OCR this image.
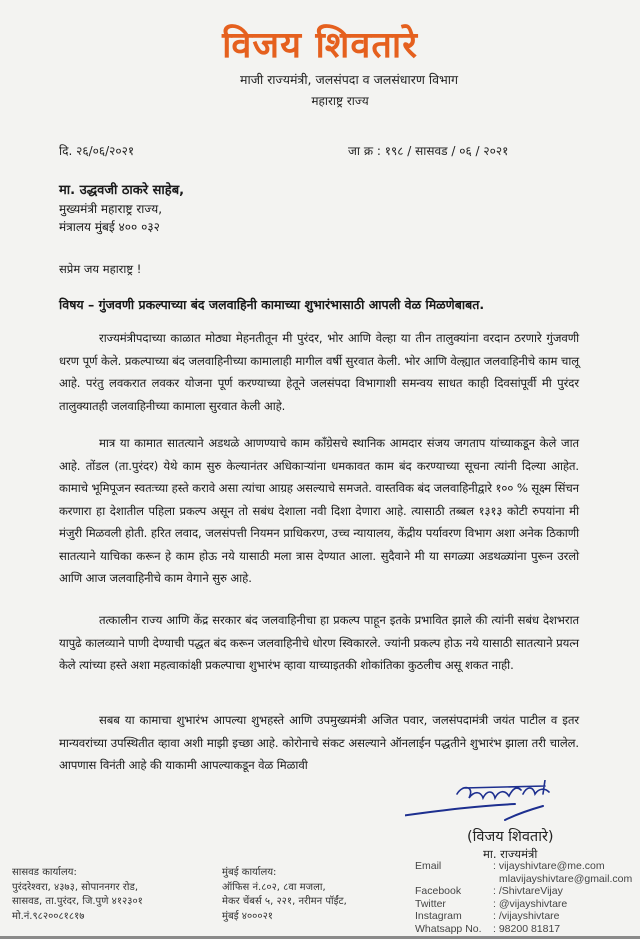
विजय शिवतारे
माजी राज्यमंत्री, जलसंपदा व जलसंधारण विभाग
महाराष्ट्र राज्य
दि. २६/०६/२०२१	जा क्र : १९८ / सासवड / ०६ / २०२१
मा. उद्धवजी ठाकरे साहेब,
मुख्यमंत्री महाराष्ट्र राज्य,
मंत्रालय मुंबई ४०० ०३२
सप्रेम जय महाराष्ट्र !
विषय – गुंजवणी प्रकल्पाच्या बंद जलवाहिनी कामाच्या शुभारंभासाठी आपली वेळ मिळणेबाबत.

राज्यमंत्रीपदाच्या काळात मोठ्या मेहनतीतून मी पुरंदर, भोर आणि वेल्हा या तीन तालुक्यांना वरदान ठरणारे गुंजवणी धरण पूर्ण केले. प्रकल्पाच्या बंद जलवाहिनीच्या कामालाही मागील वर्षी सुरवात केली. भोर आणि वेल्ह्यात जलवाहिनीचे काम चालू आहे. परंतु लवकरात लवकर योजना पूर्ण करण्याच्या हेतूने जलसंपदा विभागाशी समन्वय साधत काही दिवसांपूर्वी मी पुरंदर तालुक्यातही जलवाहिनीच्या कामाला सुरवात केली आहे.

मात्र या कामात सातत्याने अडथळे आणण्याचे काम कॉंग्रेसचे स्थानिक आमदार संजय जगताप यांच्याकडून केले जात आहे. तोंडल (ता.पुरंदर) येथे काम सुरु केल्यानंतर अधिकाऱ्यांना धमकावत काम बंद करण्याच्या सूचना त्यांनी दिल्या आहेत. कामाचे भूमिपूजन स्वतःच्या हस्ते करावे असा त्यांचा आग्रह असल्याचे समजते. वास्तविक बंद जलवाहिनीद्वारे १०० % सूक्ष्म सिंचन करणारा हा देशातील पहिला प्रकल्प असून तो सबंध देशाला नवी दिशा देणारा आहे. त्यासाठी तब्बल १३१३ कोटी रुपयांना मी मंजुरी मिळवली होती. हरित लवाद, जलसंपत्ती नियमन प्राधिकरण, उच्च न्यायालय, केंद्रीय पर्यावरण विभाग अशा अनेक ठिकाणी सातत्याने याचिका करून हे काम होऊ नये यासाठी मला त्रास देण्यात आला. सुदैवाने मी या सगळ्या अडथळ्यांना पुरून उरलो आणि आज जलवाहिनीचे काम वेगाने सुरु आहे.

तत्कालीन राज्य आणि केंद्र सरकार बंद जलवाहिनीचा हा प्रकल्प पाहून इतके प्रभावित झाले की त्यांनी सबंध देशभरात यापुढे कालव्याने पाणी देण्याची पद्धत बंद करून जलवाहिनीचे धोरण स्विकारले. ज्यांनी प्रकल्प होऊ नये यासाठी सातत्याने प्रयत्न केले त्यांच्या हस्ते अशा महत्वाकांक्षी प्रकल्पाचा शुभारंभ व्हावा याच्याइतकी शोकांतिका कुठलीच असू शकत नाही.

सबब या कामाचा शुभारंभ आपल्या शुभहस्ते आणि उपमुख्यमंत्री अजित पवार, जलसंपदामंत्री जयंत पाटील व इतर मान्यवरांच्या उपस्थितीत व्हावा अशी माझी इच्छा आहे. कोरोनाचे संकट असल्याने ऑनलाईन पद्धतीने शुभारंभ झाला तरी चालेल. आपणास विनंती आहे की याकामी आपल्याकडून वेळ मिळावी

(विजय शिवतारे)
मा. राज्यमंत्री
सासवड कार्यालय:
पुरंदरेश्वरा, ४३७३, सोपाननगर रोड,
सासवड, ता.पुरंदर, जि.पुणे ४१२३०१
मो.नं.९८२००८१८१७
मुंबई कार्यालय:
ऑफिस नं.८०२, ८वा मजला,
मेकर चेंबर्स ५, २२१, नरीमन पॉईंट,
मुंबई ४०००२१
Email	: vijayshivtare@me.com
	mlavijayshivtare@gmail.com
Facebook	: /ShivtareVijay
Twitter	: @vijayshivtare
Instagram	: /vijayshivtare
Whatsapp No.	: 98200 81817
